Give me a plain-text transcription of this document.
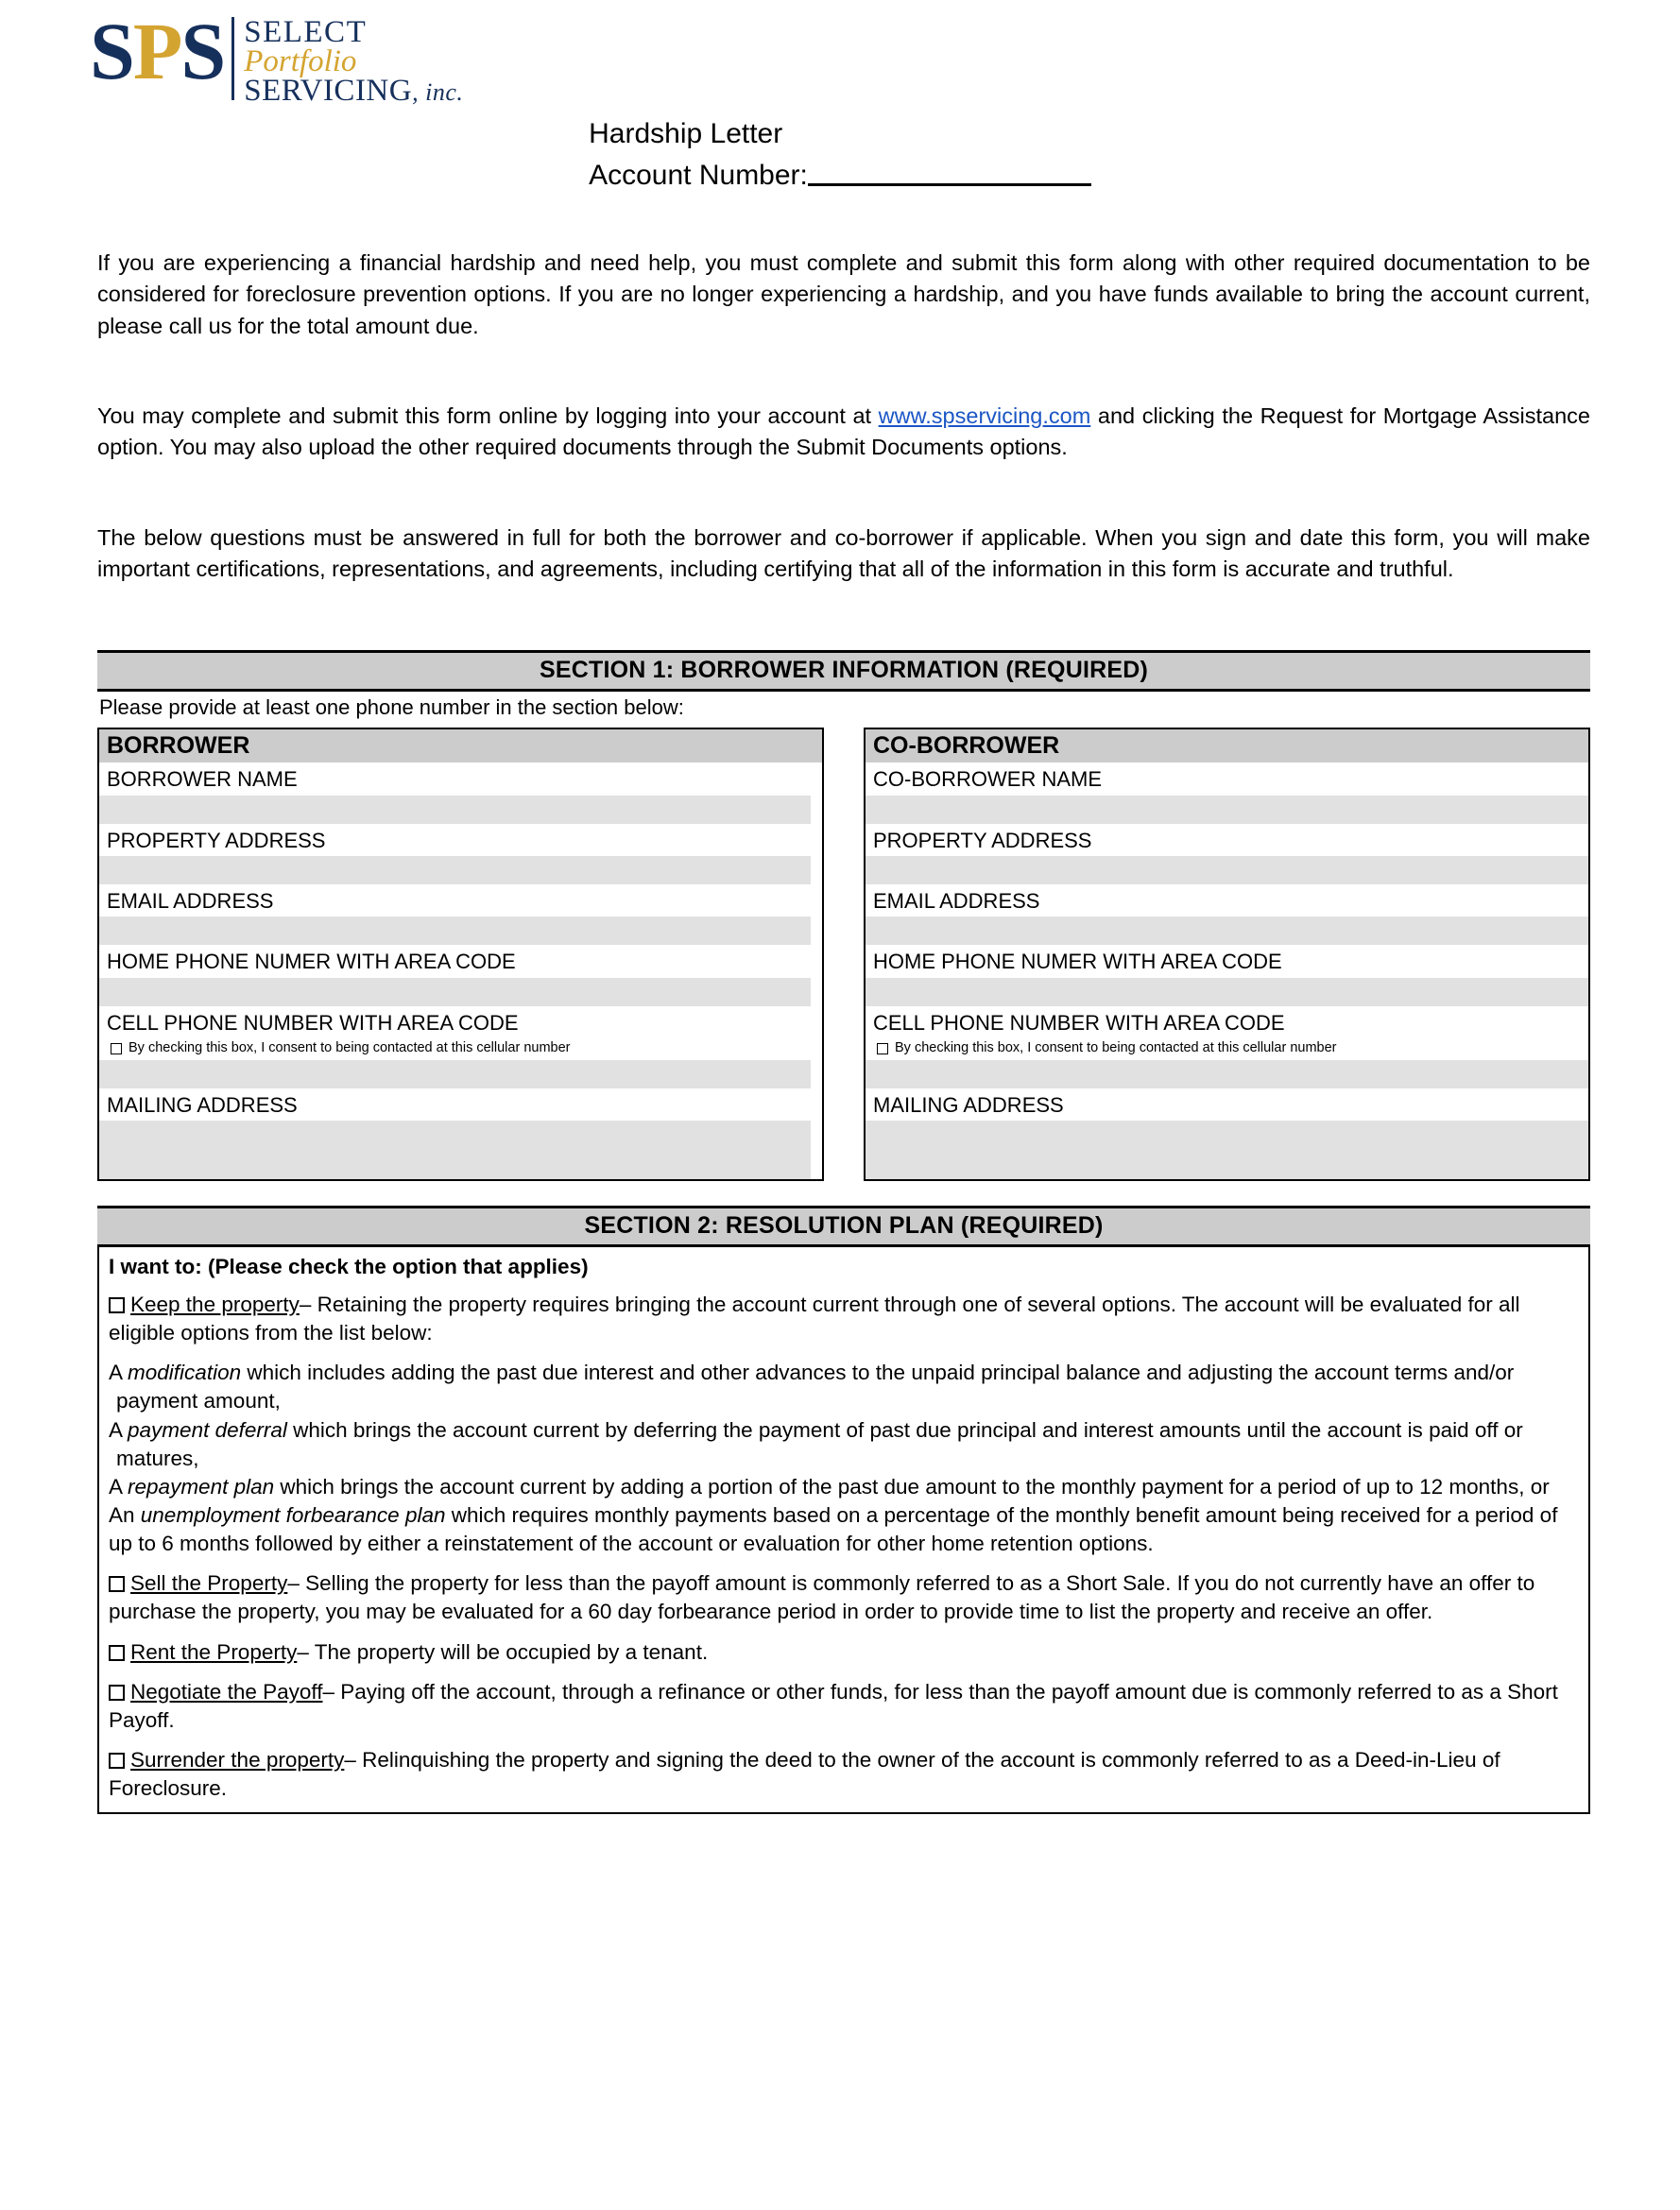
S P S SELECT
Portfolio
SERVICING, inc.
Hardship Letter
Account Number:

If you are experiencing a financial hardship and need help, you must complete and submit this form along with other required documentation to be considered for foreclosure prevention options. If you are no longer experiencing a hardship, and you have funds available to bring the account current, please call us for the total amount due.

You may complete and submit this form online by logging into your account at www.spservicing.com and clicking the Request for Mortgage Assistance option. You may also upload the other required documents through the Submit Documents options.

The below questions must be answered in full for both the borrower and co-borrower if applicable. When you sign and date this form, you will make important certifications, representations, and agreements, including certifying that all of the information in this form is accurate and truthful.

SECTION 1: BORROWER INFORMATION (REQUIRED)
Please provide at least one phone number in the section below:
BORROWER
BORROWER NAME
PROPERTY ADDRESS
EMAIL ADDRESS
HOME PHONE NUMER WITH AREA CODE
CELL PHONE NUMBER WITH AREA CODE
By checking this box, I consent to being contacted at this cellular number
MAILING ADDRESS
CO-BORROWER
CO-BORROWER NAME
PROPERTY ADDRESS
EMAIL ADDRESS
HOME PHONE NUMER WITH AREA CODE
CELL PHONE NUMBER WITH AREA CODE
By checking this box, I consent to being contacted at this cellular number
MAILING ADDRESS
SECTION 2: RESOLUTION PLAN (REQUIRED)
I want to: (Please check the option that applies)
Keep the property– Retaining the property requires bringing the account current through one of several options. The account will be evaluated for all eligible options from the list below:
A modification which includes adding the past due interest and other advances to the unpaid principal balance and adjusting the account terms and/or
payment amount,
A payment deferral which brings the account current by deferring the payment of past due principal and interest amounts until the account is paid off or
matures,
A repayment plan which brings the account current by adding a portion of the past due amount to the monthly payment for a period of up to 12 months, or
An unemployment forbearance plan which requires monthly payments based on a percentage of the monthly benefit amount being received for a period of up to 6 months followed by either a reinstatement of the account or evaluation for other home retention options.
Sell the Property– Selling the property for less than the payoff amount is commonly referred to as a Short Sale. If you do not currently have an offer to purchase the property, you may be evaluated for a 60 day forbearance period in order to provide time to list the property and receive an offer.
Rent the Property– The property will be occupied by a tenant.
Negotiate the Payoff– Paying off the account, through a refinance or other funds, for less than the payoff amount due is commonly referred to as a Short Payoff.
Surrender the property– Relinquishing the property and signing the deed to the owner of the account is commonly referred to as a Deed-in-Lieu of Foreclosure.
